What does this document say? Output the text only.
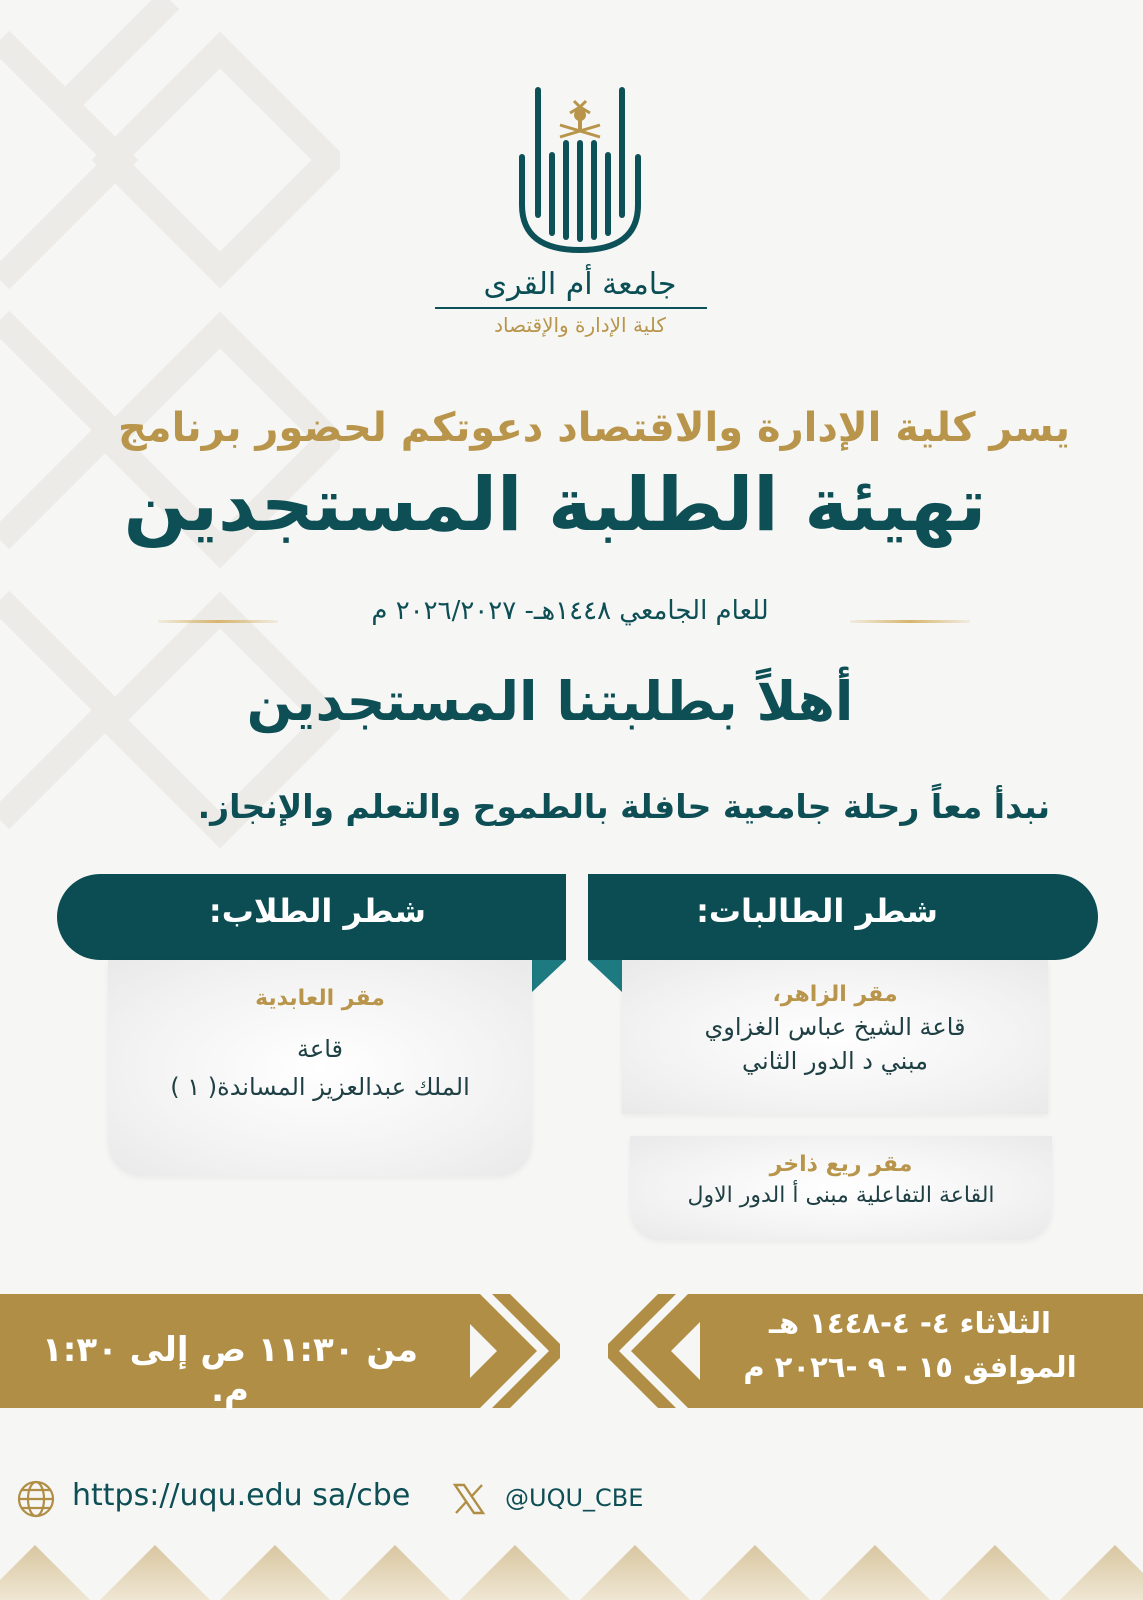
جامعة أم القرى
كلية الإدارة والإقتصاد
يسر كلية الإدارة والاقتصاد دعوتكم لحضور برنامج
تهيئة الطلبة المستجدين
للعام الجامعي ١٤٤٨هـ- ٢٠٢٦/٢٠٢٧ م
أهلاً بطلبتنا المستجدين
نبدأ معاً رحلة جامعية حافلة بالطموح والتعلم والإنجاز.
شطر الطالبات:
مقر الزاهر،
قاعة الشيخ عباس الغزاوي
مبني د الدور الثاني
مقر ريع ذاخر
القاعة التفاعلية مبنى أ الدور الاول
شطر الطلاب:
مقر العابدية
قاعة
الملك عبدالعزيز المساندة( ١ )
من ١١:٣٠ ص إلى ١:٣٠ م.
الثلاثاء ٤- ٤-١٤٤٨ هـ
الموافق ١٥ - ٩ -٢٠٢٦ م
https://uqu.edu sa/cbe	@UQU_CBE
